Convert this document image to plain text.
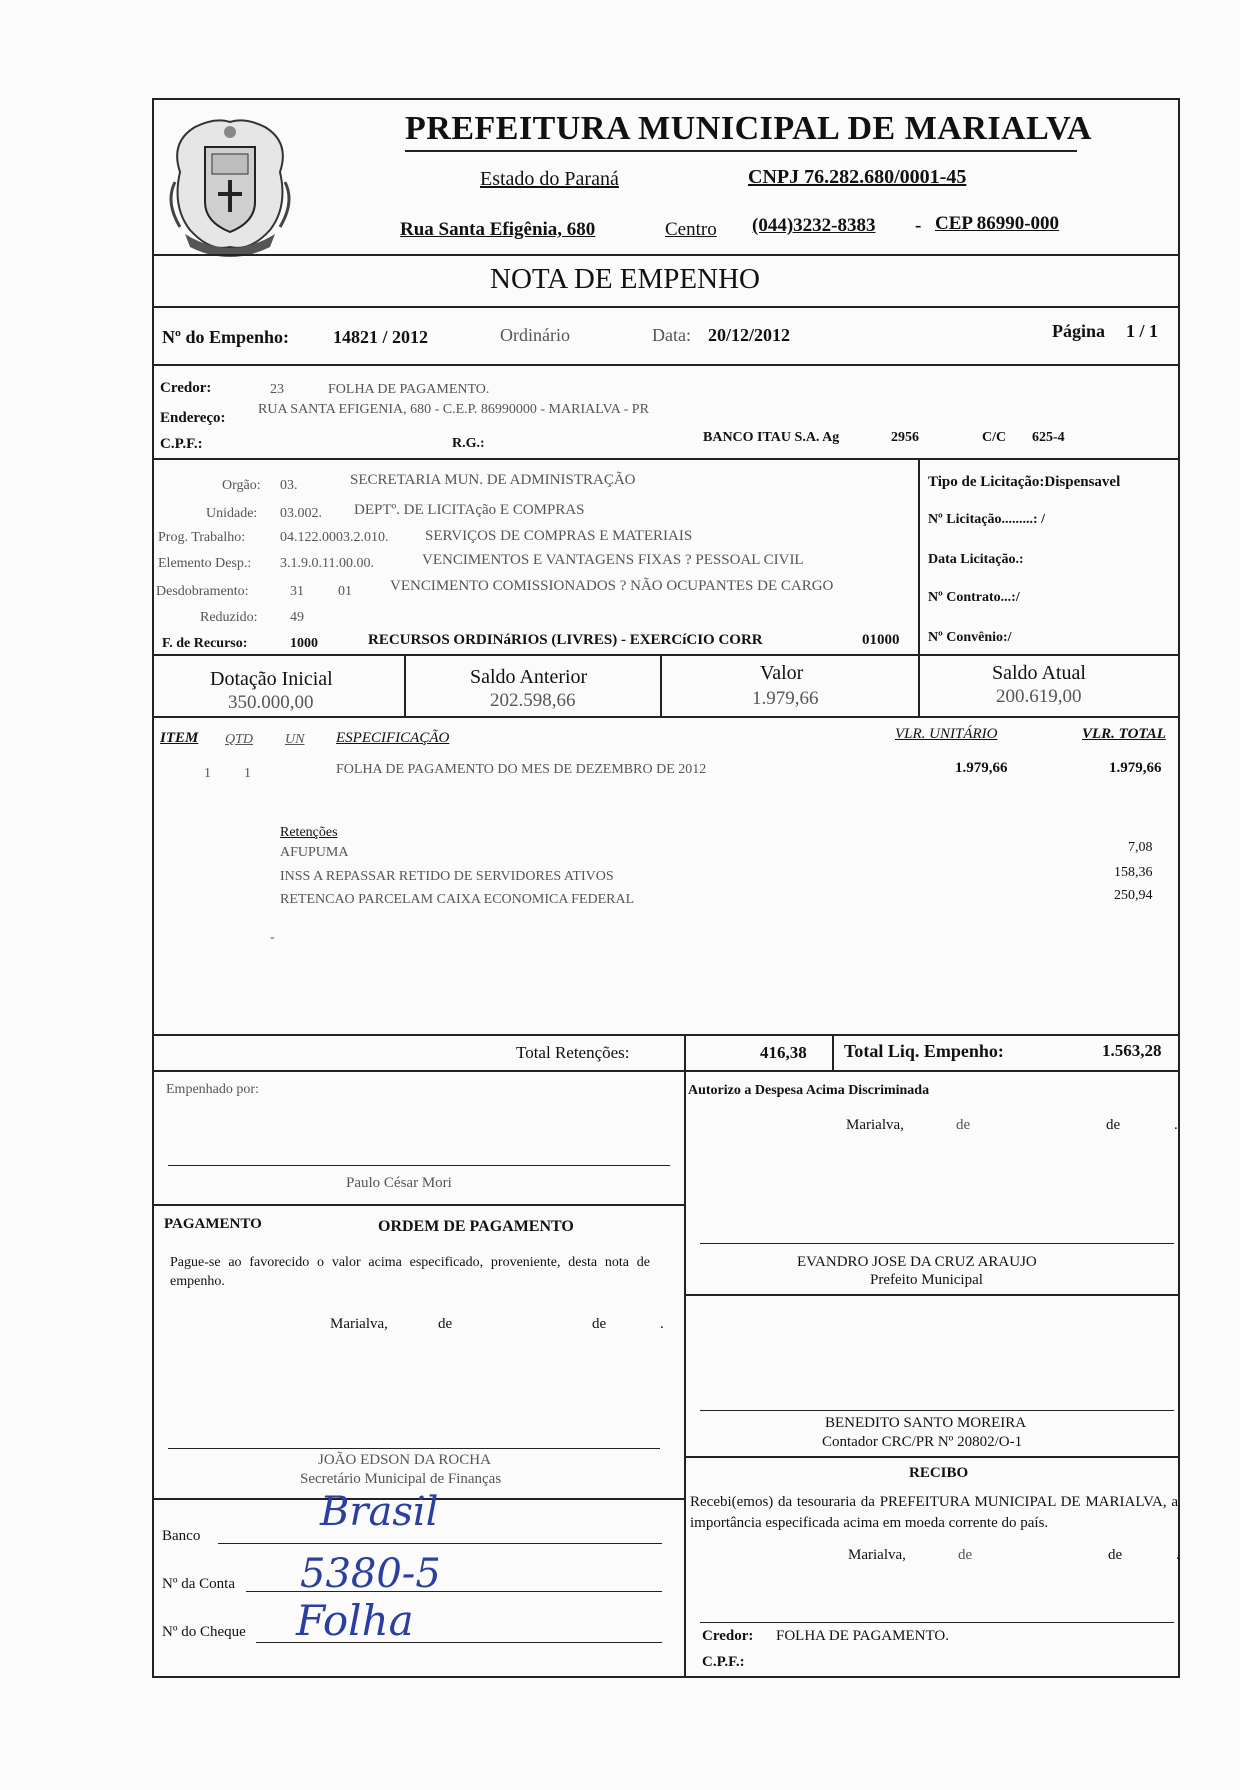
PREFEITURA MUNICIPAL DE MARIALVA
Estado do Paraná	CNPJ 76.282.680/0001-45
Rua Santa Efigênia, 680	Centro (044)3232-8383 - CEP 86990-000
NOTA DE EMPENHO
Nº do Empenho: 14821 / 2012	Ordinário	Data: 20/12/2012	Página 1 / 1
Credor:	23	FOLHA DE PAGAMENTO.
Endereço:
RUA SANTA EFIGENIA, 680 - C.E.P. 86990000 - MARIALVA - PR
C.P.F.:	R.G.:	BANCO ITAU S.A. Ag	2956	C/C 625-4
Orgão: 03.	SECRETARIA MUN. DE ADMINISTRAÇÃO
Unidade: 03.002. DEPTº. DE LICITAção E COMPRAS
Prog. Trabalho: 04.122.0003.2.010. SERVIÇOS DE COMPRAS E MATERIAIS
Elemento Desp.: 3.1.9.0.11.00.00.	VENCIMENTOS E VANTAGENS FIXAS ? PESSOAL CIVIL
Desdobramento:	31 01	VENCIMENTO COMISSIONADOS ? NÃO OCUPANTES DE CARGO
Reduzido: 49
F. de Recurso:	1000	RECURSOS ORDINáRIOS (LIVRES) - EXERCíCIO CORR	01000
Tipo de Licitação:Dispensavel
Nº Licitação.........: /
Data Licitação.:
Nº Contrato...:/
Nº Convênio:/
Dotação Inicial
350.000,00
Saldo Anterior
202.598,66
Valor
1.979,66
Saldo Atual
200.619,00
ITEM QTD UN ESPECIFICAÇÃO	VLR. UNITÁRIO	VLR. TOTAL
1 1	FOLHA DE PAGAMENTO DO MES DE DEZEMBRO DE 2012	1.979,66	1.979,66
Retenções
AFUPUMA	7,08
INSS A REPASSAR RETIDO DE SERVIDORES ATIVOS	158,36
RETENCAO PARCELAM CAIXA ECONOMICA FEDERAL	250,94
-
Total Retenções:	416,38 Total Liq. Empenho:	1.563,28
Empenhado por:
Paulo César Mori
Autorizo a Despesa Acima Discriminada
Marialva,	de	de	.
EVANDRO JOSE DA CRUZ ARAUJO
Prefeito Municipal
PAGAMENTO	ORDEM DE PAGAMENTO
Pague-se ao favorecido o valor acima especificado, proveniente, desta nota de empenho.
Marialva,	de	de	.
BENEDITO SANTO MOREIRA
Contador CRC/PR Nº 20802/O-1
JOÃO EDSON DA ROCHA
Secretário Municipal de Finanças	RECIBO
Recebi(emos) da tesouraria da PREFEITURA MUNICIPAL DE MARIALVA, a importância especificada acima em moeda corrente do país.
Marialva,	de	de	.
Credor: FOLHA DE PAGAMENTO.
C.P.F.:
Banco
Brasil
Nº da Conta 5380-5
Nº do Cheque Folha
